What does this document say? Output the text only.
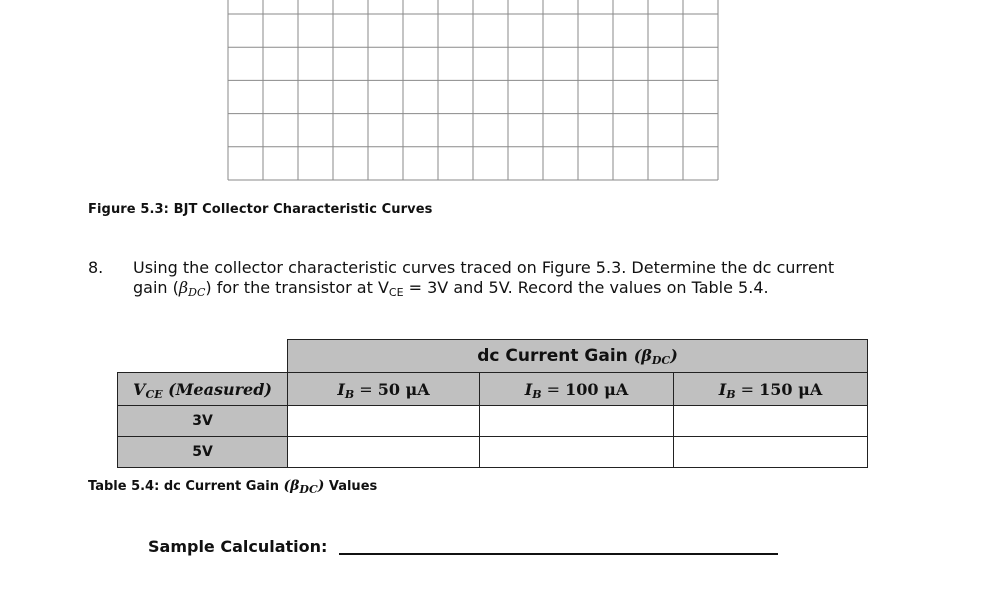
Figure 5.3: BJT Collector Characteristic Curves
8. Using the collector characteristic curves traced on Figure 5.3. Determine the dc current
gain (βDC) for the transistor at VCE = 3V and 5V. Record the values on Table 5.4.
	dc Current Gain (βDC)		
VCE (Measured)	IB = 50 μA	IB = 100 μA	IB = 150 μA
3V			
5V			
Table 5.4: dc Current Gain $(\beta_{DC})$ Values
Sample Calculation:
